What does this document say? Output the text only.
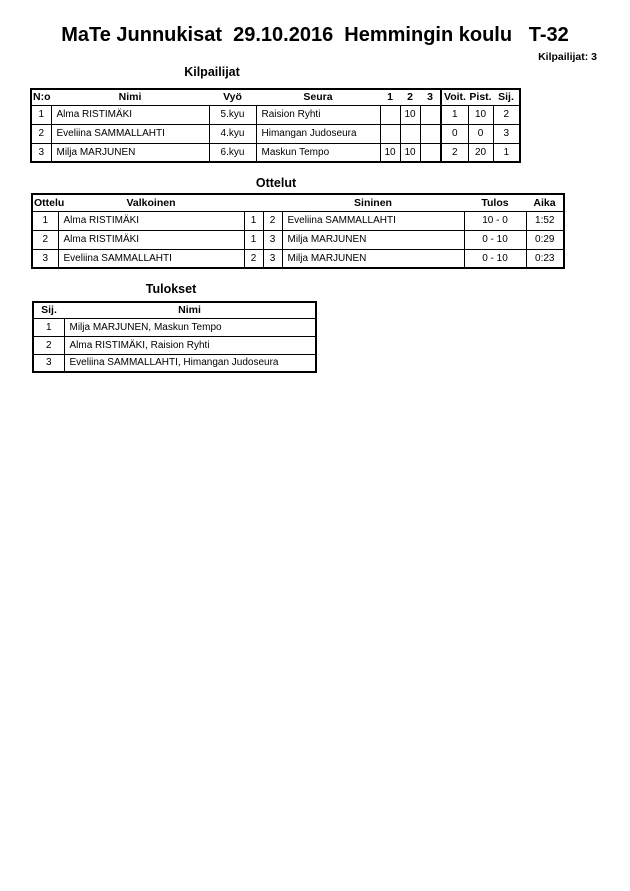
MaTe Junnukisat  29.10.2016  Hemmingin koulu   T-32
Kilpailijat: 3
Kilpailijat
N:o	Nimi	Vyö	Seura	1	2	3	Voit.	Pist.	Sij.
1	Alma RISTIMÄKI	5.kyu	Raision Ryhti		10		1	10	2
2	Eveliina SAMMALLAHTI	4.kyu	Himangan Judoseura				0	0	3
3	Milja MARJUNEN	6.kyu	Maskun Tempo	10	10		2	20	1
Ottelut
Ottelu	Valkoinen			Sininen	Tulos	Aika
1	Alma RISTIMÄKI	1	2	Eveliina SAMMALLAHTI	10 - 0	1:52
2	Alma RISTIMÄKI	1	3	Milja MARJUNEN	0 - 10	0:29
3	Eveliina SAMMALLAHTI	2	3	Milja MARJUNEN	0 - 10	0:23
Tulokset
Sij.	Nimi
1	Milja MARJUNEN, Maskun Tempo
2	Alma RISTIMÄKI, Raision Ryhti
3	Eveliina SAMMALLAHTI, Himangan Judoseura
